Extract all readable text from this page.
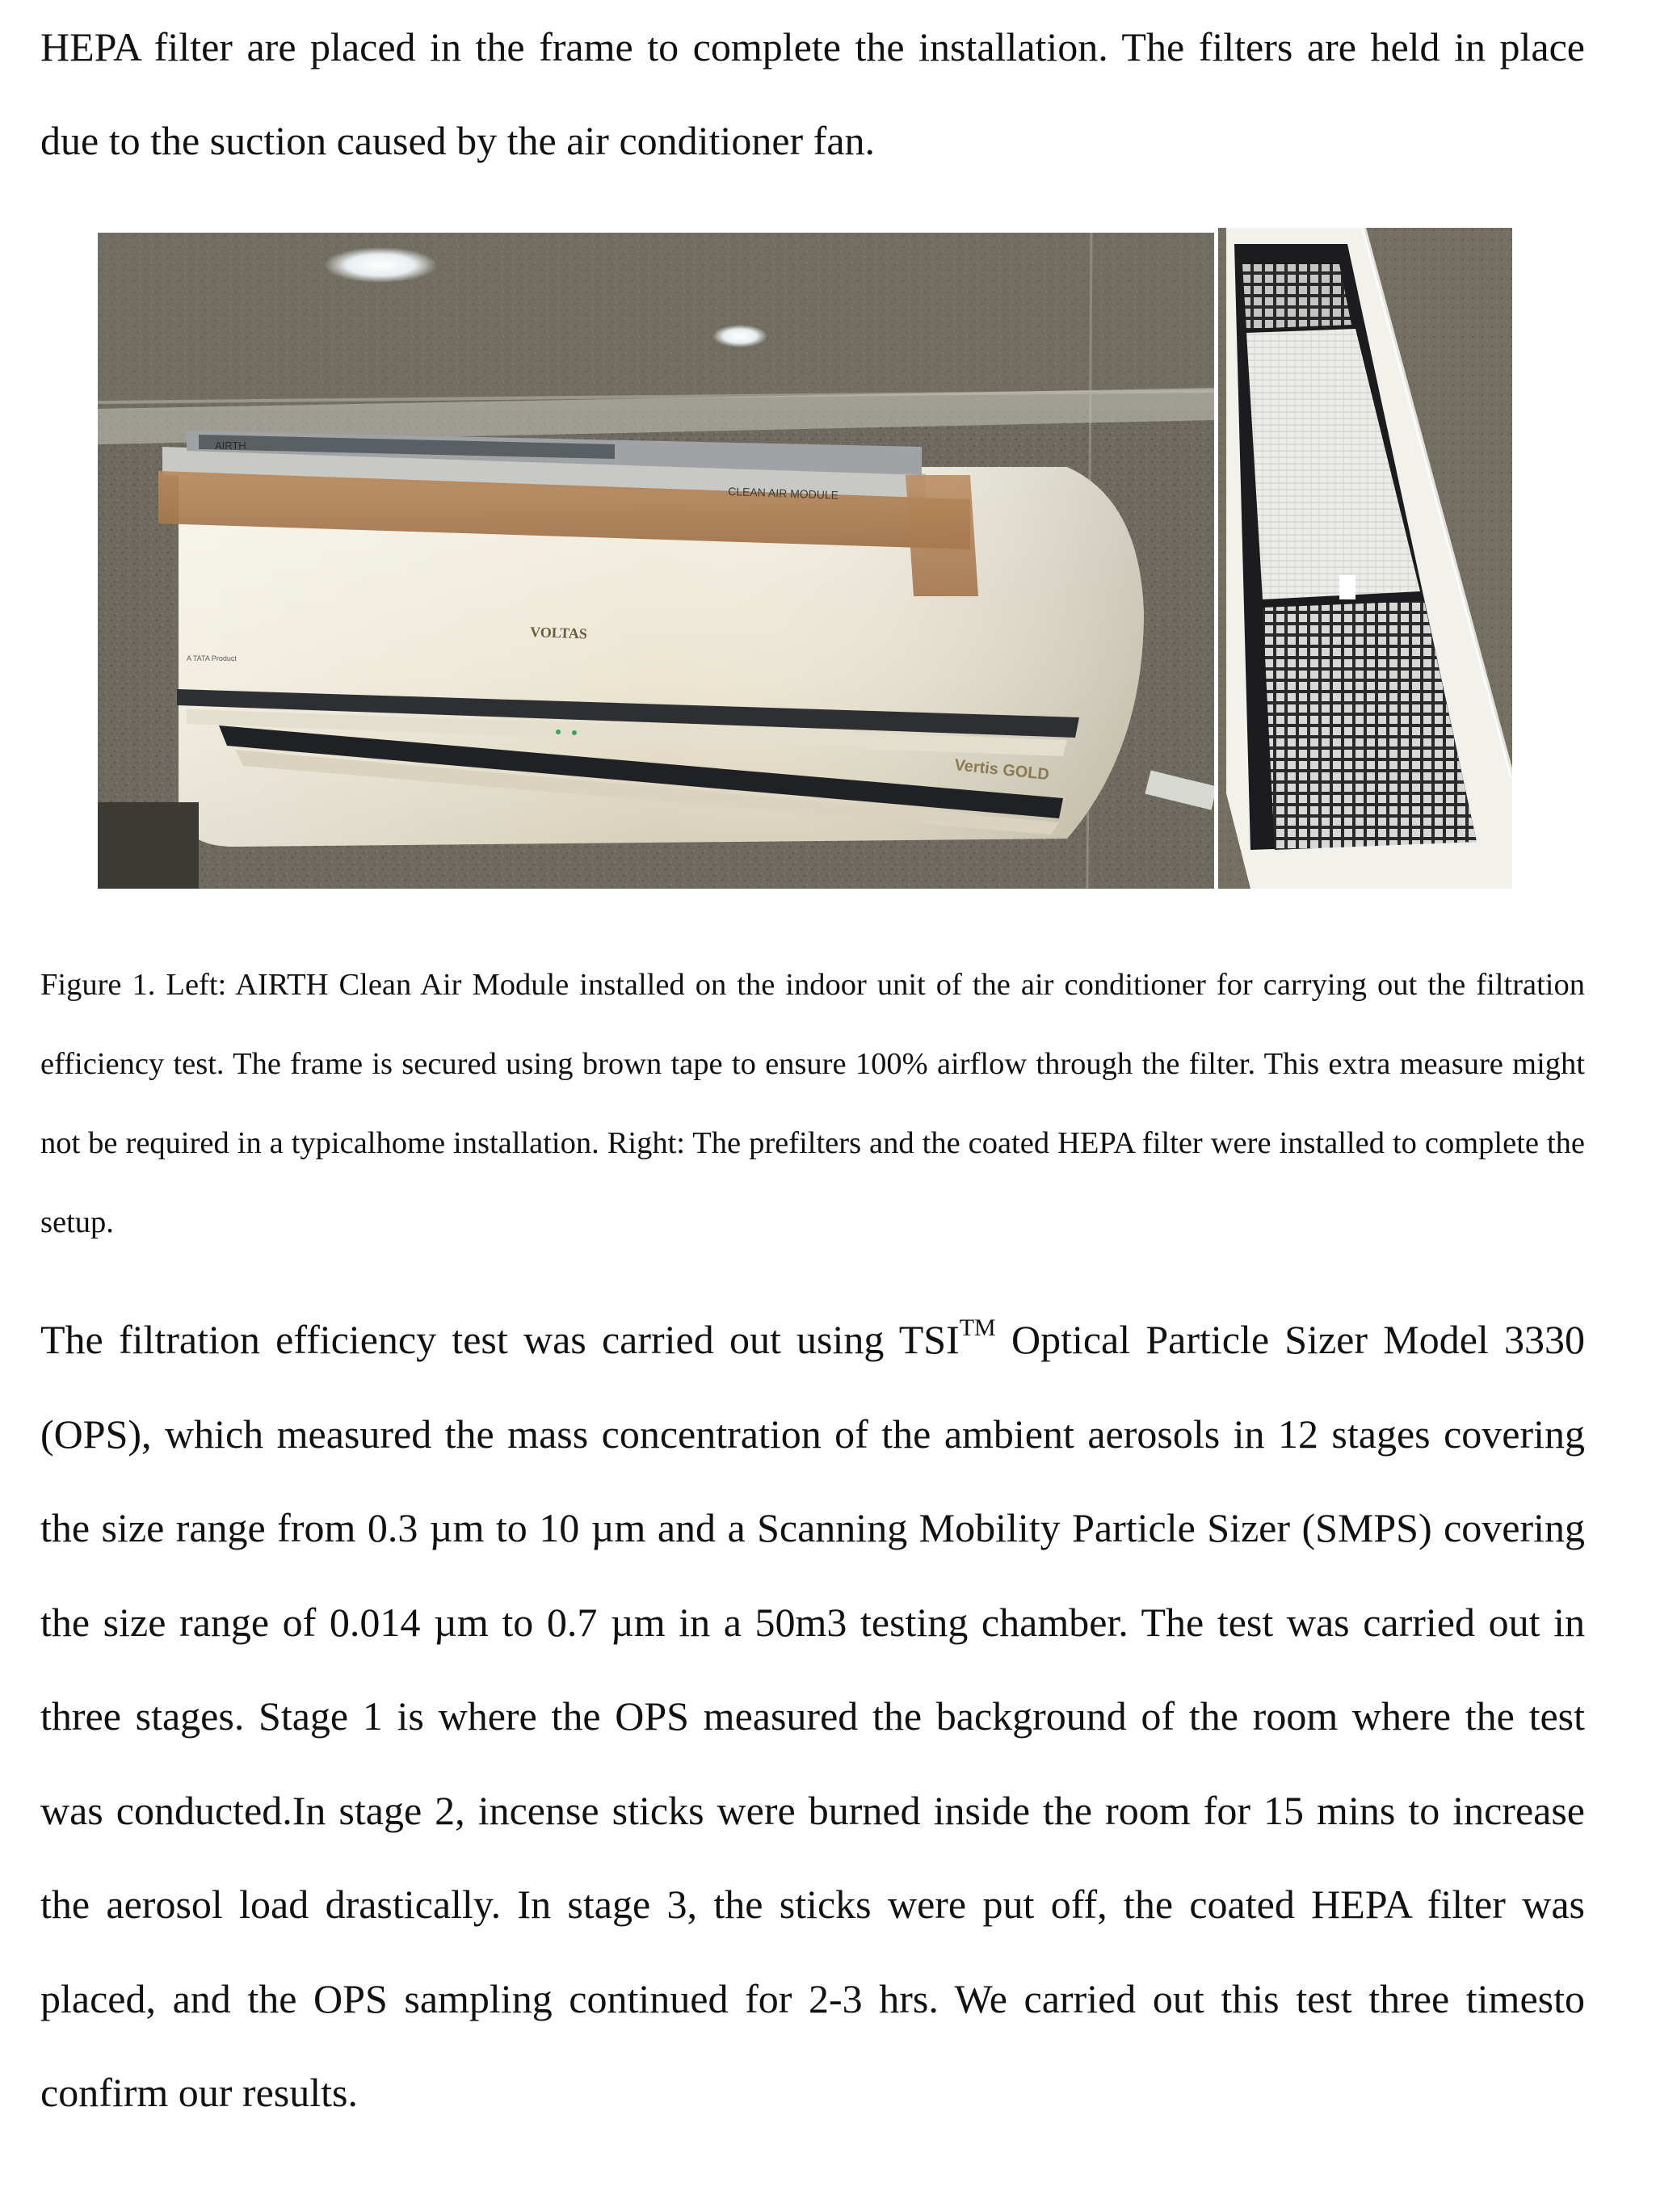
HEPA filter are placed in the frame to complete the installation. The filters are held in place due to the suction caused by the air conditioner fan.

AIRTH
CLEAN AIR MODULE
VOLTAS
A TATA Product
Vertis GOLD

Figure 1. Left: AIRTH Clean Air Module installed on the indoor unit of the air conditioner for carrying out the filtration efficiency test. The frame is secured using brown tape to ensure 100% airflow through the filter. This extra measure might not be required in a typicalhome installation. Right: The prefilters and the coated HEPA filter were installed to complete the setup.

The filtration efficiency test was carried out using TSI™ Optical Particle Sizer Model 3330 (OPS), which measured the mass concentration of the ambient aerosols in 12 stages covering the size range from 0.3 µm to 10 µm and a Scanning Mobility Particle Sizer (SMPS) covering the size range of 0.014 µm to 0.7 µm in a 50m3 testing chamber. The test was carried out in three stages. Stage 1 is where the OPS measured the background of the room where the test was conducted.In stage 2, incense sticks were burned inside the room for 15 mins to increase the aerosol load drastically. In stage 3, the sticks were put off, the coated HEPA filter was placed, and the OPS sampling continued for 2-3 hrs. We carried out this test three timesto confirm our results.
